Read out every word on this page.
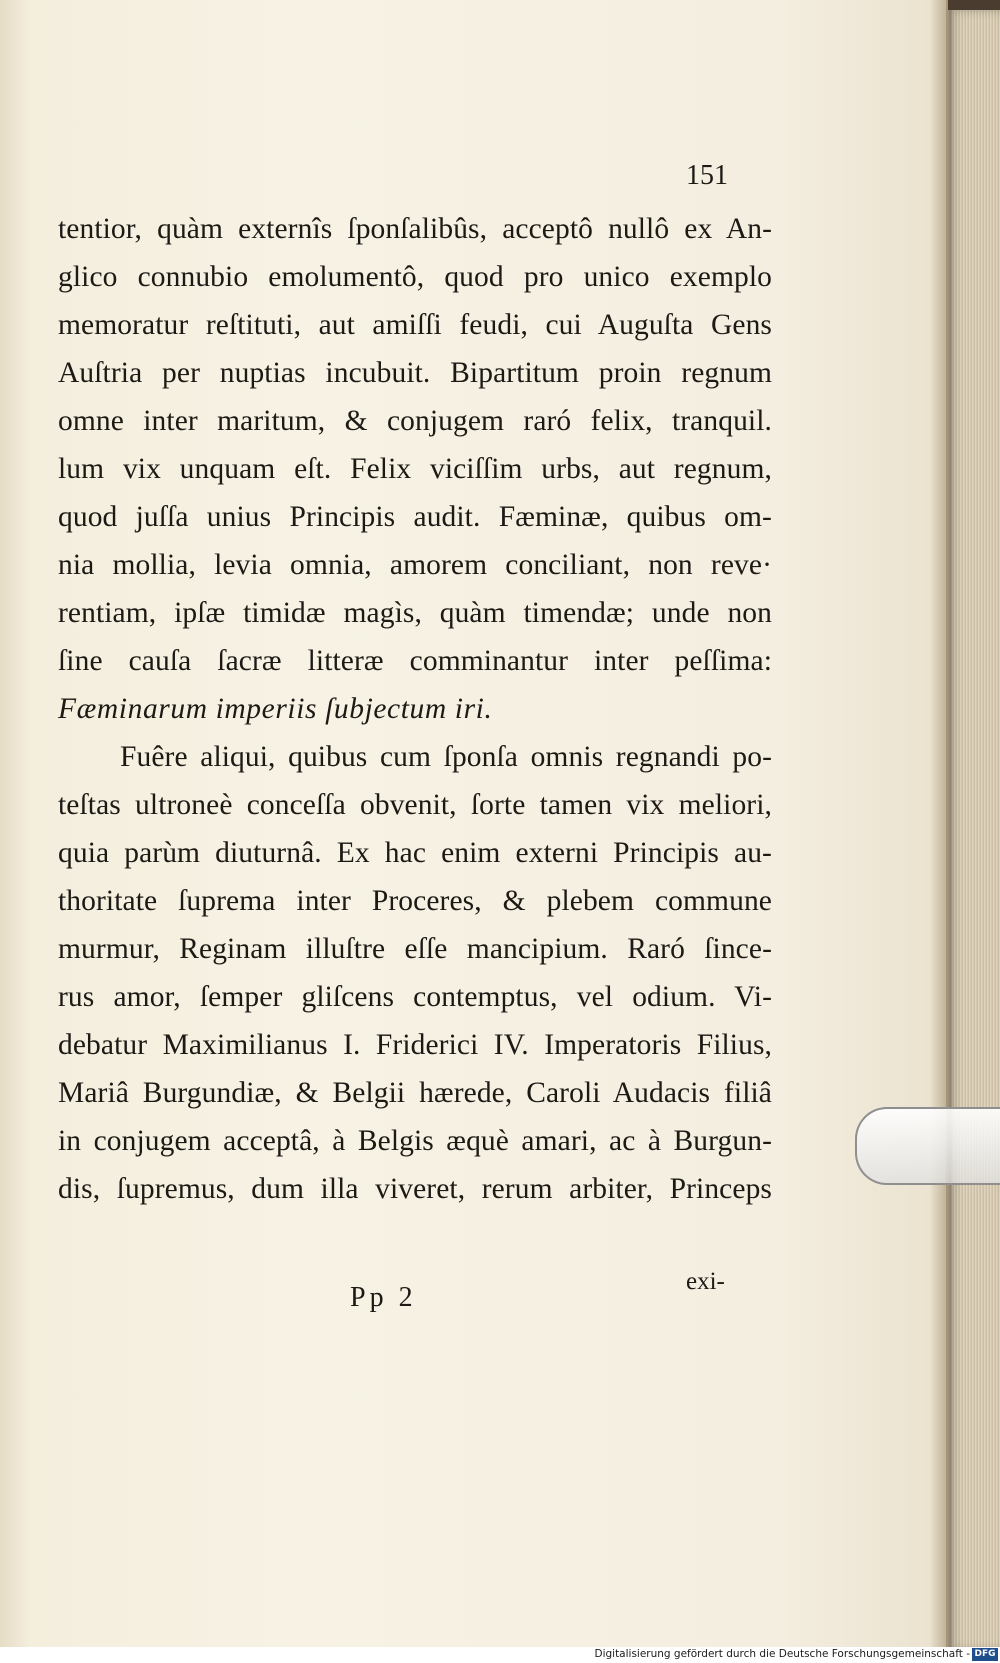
151
tentior, quàm externîs ſponſalibûs, acceptô nullô ex An-
glico connubio emolumentô, quod pro unico exemplo
memoratur reſtituti, aut amiſſi feudi, cui Auguſta Gens
Auſtria per nuptias incubuit. Bipartitum proin regnum
omne inter maritum, & conjugem raró felix, tranquil.
lum vix unquam eſt. Felix viciſſim urbs, aut regnum,
quod juſſa unius Principis audit. Fæminæ, quibus om-
nia mollia, levia omnia, amorem conciliant, non reve·
rentiam, ipſæ timidæ magìs, quàm timendæ; unde non
ſine cauſa ſacræ litteræ comminantur inter peſſima:
Fæminarum imperiis ſubjectum iri.
Fuêre aliqui, quibus cum ſponſa omnis regnandi po-
teſtas ultroneè conceſſa obvenit, ſorte tamen vix meliori,
quia parùm diuturnâ. Ex hac enim externi Principis au-
thoritate ſuprema inter Proceres, & plebem commune
murmur, Reginam illuſtre eſſe mancipium. Raró ſince-
rus amor, ſemper gliſcens contemptus, vel odium. Vi-
debatur Maximilianus I. Friderici IV. Imperatoris Filius,
Mariâ Burgundiæ, & Belgii hærede, Caroli Audacis filiâ
in conjugem acceptâ, à Belgis æquè amari, ac à Burgun-
dis, ſupremus, dum illa viveret, rerum arbiter, Princeps
Pp 2
exi-
Digitalisierung gefördert durch die Deutsche Forschungsgemeinschaft - DFG
